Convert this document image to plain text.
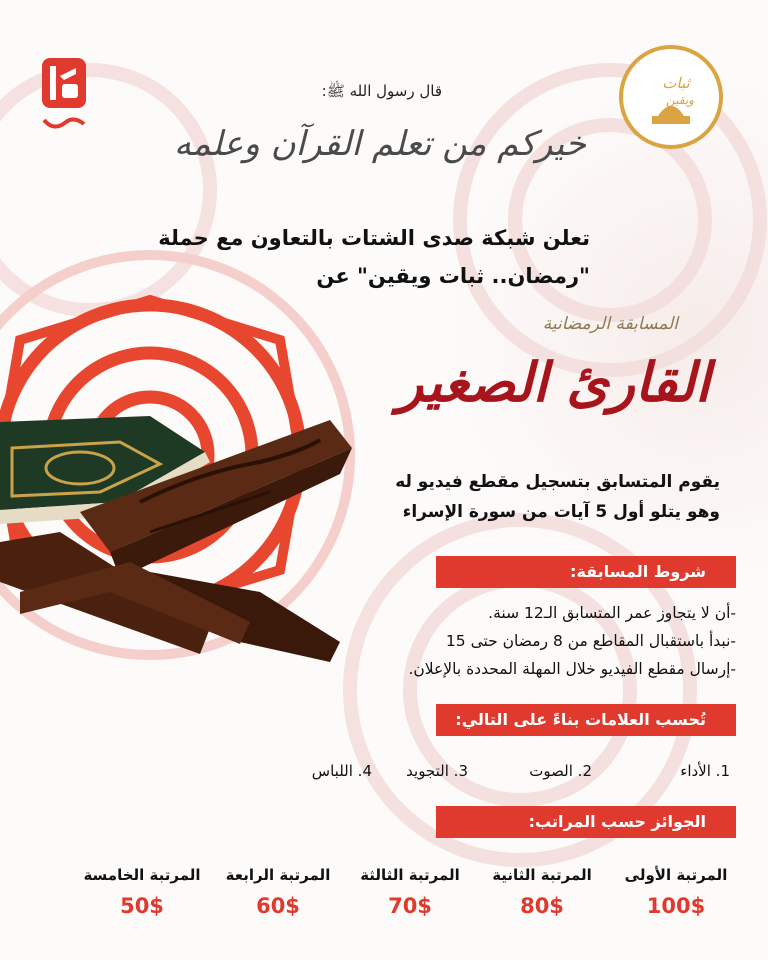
ثبات
ويقين
قال رسول الله ﷺ:
خيركم من تعلم القرآن وعلمه
تعلن شبكة صدى الشتات بالتعاون مع حملة
"رمضان.. ثبات ويقين" عن
المسابقة الرمضانية
القارئ الصغير
يقوم المتسابق بتسجيل مقطع فيديو له
وهو يتلو أول 5 آيات من سورة الإسراء
شروط المسابقة:
-أن لا يتجاوز عمر المتسابق الـ12 سنة.
-نبدأ باستقبال المقاطع من 8 رمضان حتى 15
-إرسال مقطع الفيديو خلال المهلة المحددة بالإعلان.
تُحسب العلامات بناءً على التالي:
1. الأداء
2. الصوت
3. التجويد
4. اللباس
الجوائز حسب المراتب:
المرتبة الأولى
100$
المرتبة الثانية
80$
المرتبة الثالثة
70$
المرتبة الرابعة
60$
المرتبة الخامسة
50$
